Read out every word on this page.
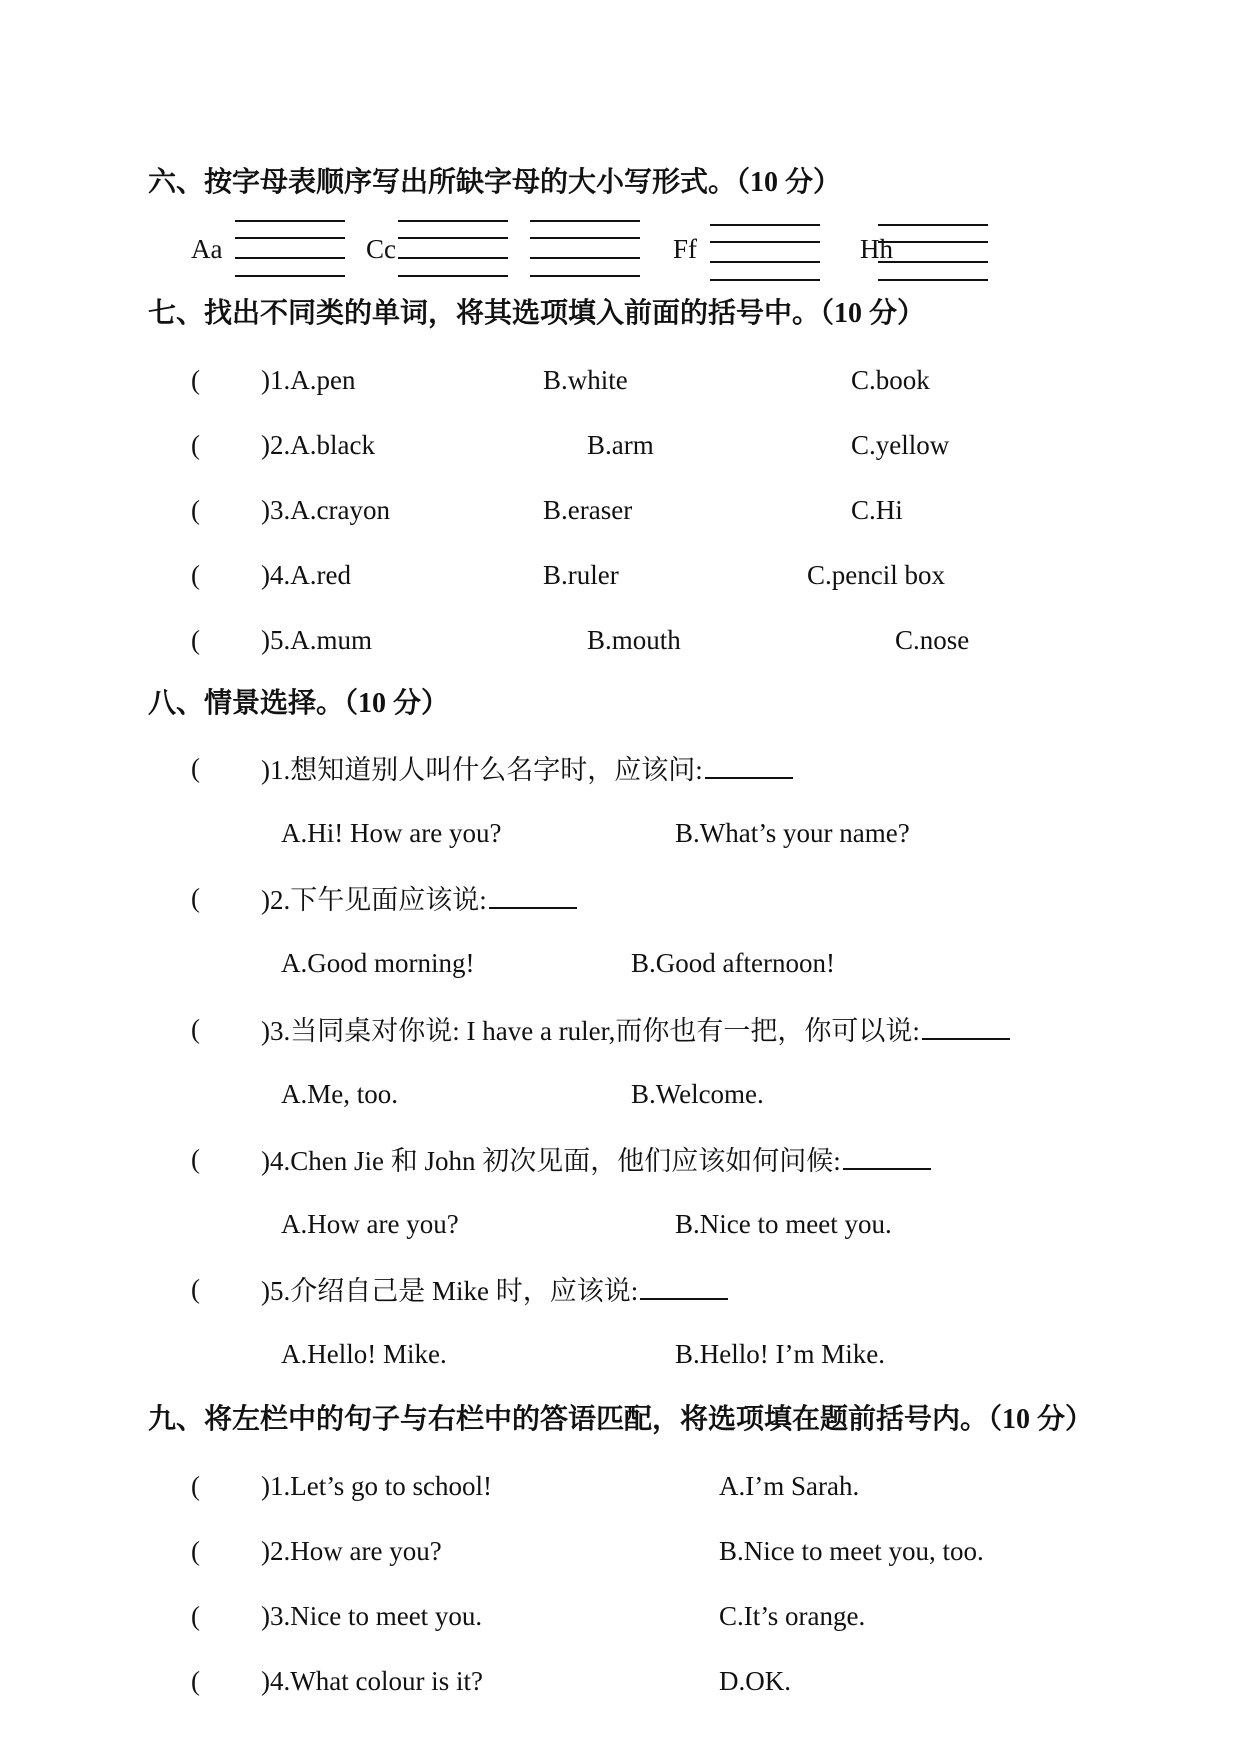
六、按字母表顺序写出所缺字母的大小写形式。（10 分）
Aa	Cc	Ff	Hh
七、找出不同类的单词，将其选项填入前面的括号中。（10 分）
( )1.A.pen	B.white	C.book
( )2.A.black	B.arm	C.yellow
( )3.A.crayon	B.eraser	C.Hi
( )4.A.red	B.ruler	C.pencil box
( )5.A.mum	B.mouth	C.nose
八、情景选择。（10 分）
( )1.想知道别人叫什么名字时，应该问:
A.Hi! How are you?	B.What’s your name?
( )2.下午见面应该说:
A.Good morning!	B.Good afternoon!
( )3.当同桌对你说: I have a ruler,而你也有一把，你可以说:
A.Me, too.	B.Welcome.
( )4.Chen Jie 和 John 初次见面，他们应该如何问候:
A.How are you?	B.Nice to meet you.
( )5.介绍自己是 Mike 时，应该说:
A.Hello! Mike.	B.Hello! I’m Mike.
九、将左栏中的句子与右栏中的答语匹配，将选项填在题前括号内。（10 分）
( )1.Let’s go to school!	A.I’m Sarah.
( )2.How are you?	B.Nice to meet you, too.
( )3.Nice to meet you.	C.It’s orange.
( )4.What colour is it?	D.OK.
